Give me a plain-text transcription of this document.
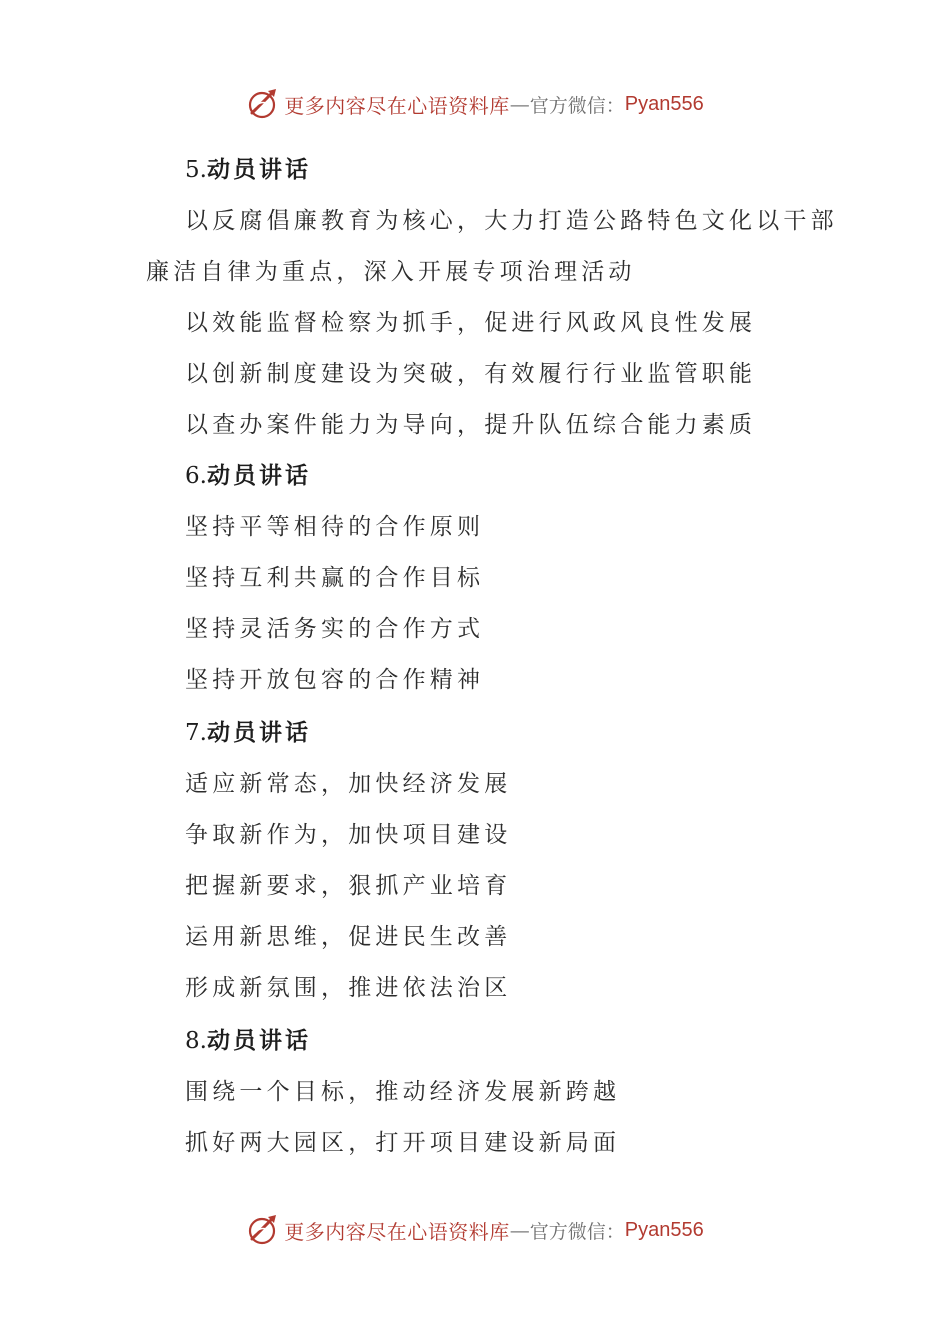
更多内容尽在心语资料库 — 官方微信： Pyan556
5.动员讲话
以反腐倡廉教育为核心，大力打造公路特色文化以干部
廉洁自律为重点，深入开展专项治理活动
以效能监督检察为抓手，促进行风政风良性发展
以创新制度建设为突破，有效履行行业监管职能
以查办案件能力为导向，提升队伍综合能力素质
6.动员讲话
坚持平等相待的合作原则
坚持互利共赢的合作目标
坚持灵活务实的合作方式
坚持开放包容的合作精神
7.动员讲话
适应新常态，加快经济发展
争取新作为，加快项目建设
把握新要求，狠抓产业培育
运用新思维，促进民生改善
形成新氛围，推进依法治区
8.动员讲话
围绕一个目标，推动经济发展新跨越
抓好两大园区，打开项目建设新局面
更多内容尽在心语资料库 — 官方微信： Pyan556
